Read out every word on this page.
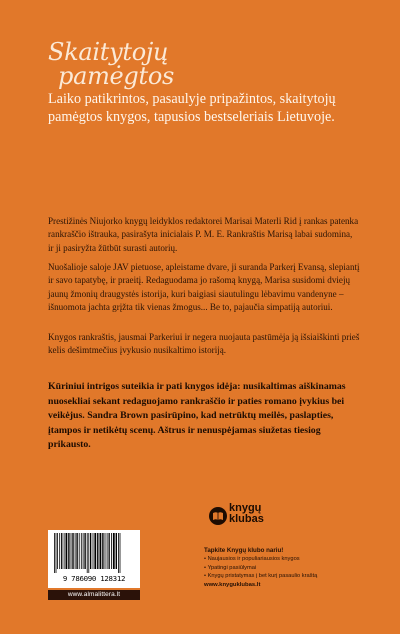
Skaitytojų
pamėgtos
Laiko patikrintos, pasaulyje pripažintos, skaitytojų pamėgtos knygos, tapusios bestseleriais Lietuvoje.
Prestižinės Niujorko knygų leidyklos redaktorei Marisai Materli Rid į rankas patenka rankraščio ištrauka, pasirašyta inicialais P. M. E. Rankraštis Marisą labai sudomina, ir ji pasiryžta žūtbūt surasti autorių.
Nuošalioje saloje JAV pietuose, apleistame dvare, ji suranda Parkerį Evansą, slepiantį ir savo tapatybę, ir praeitį. Redaguodama jo rašomą knygą, Marisa susidomi dviejų jaunų žmonių draugystės istorija, kuri baigiasi siautulingu lėbavimu vandenyne – išnuomota jachta grįžta tik vienas žmogus... Be to, pajaučia simpatiją autoriui.
Knygos rankraštis, jausmai Parkeriui ir negera nuojauta pastūmėja ją išsiaiškinti prieš kelis dešimtmečius įvykusio nusikaltimo istoriją.
Kūriniui intrigos suteikia ir pati knygos idėja: nusikaltimas aiškinamas nuosekliai sekant redaguojamo rankraščio ir paties romano įvykius bei veikėjus. Sandra Brown pasirūpino, kad netrūktų meilės, paslapties, įtampos ir netikėtų scenų. Aštrus ir nenuspėjamas siužetas tiesiog prikausto.
9 786090 128312
www.almalittera.lt
knygų
klubas
Tapkite Knygų klubo nariu!
• Naujausios ir populiariausios knygos
• Ypatingi pasiūlymai
• Knygų pristatymas į bet kurį pasaulio kraštą
www.knyguklubas.lt
